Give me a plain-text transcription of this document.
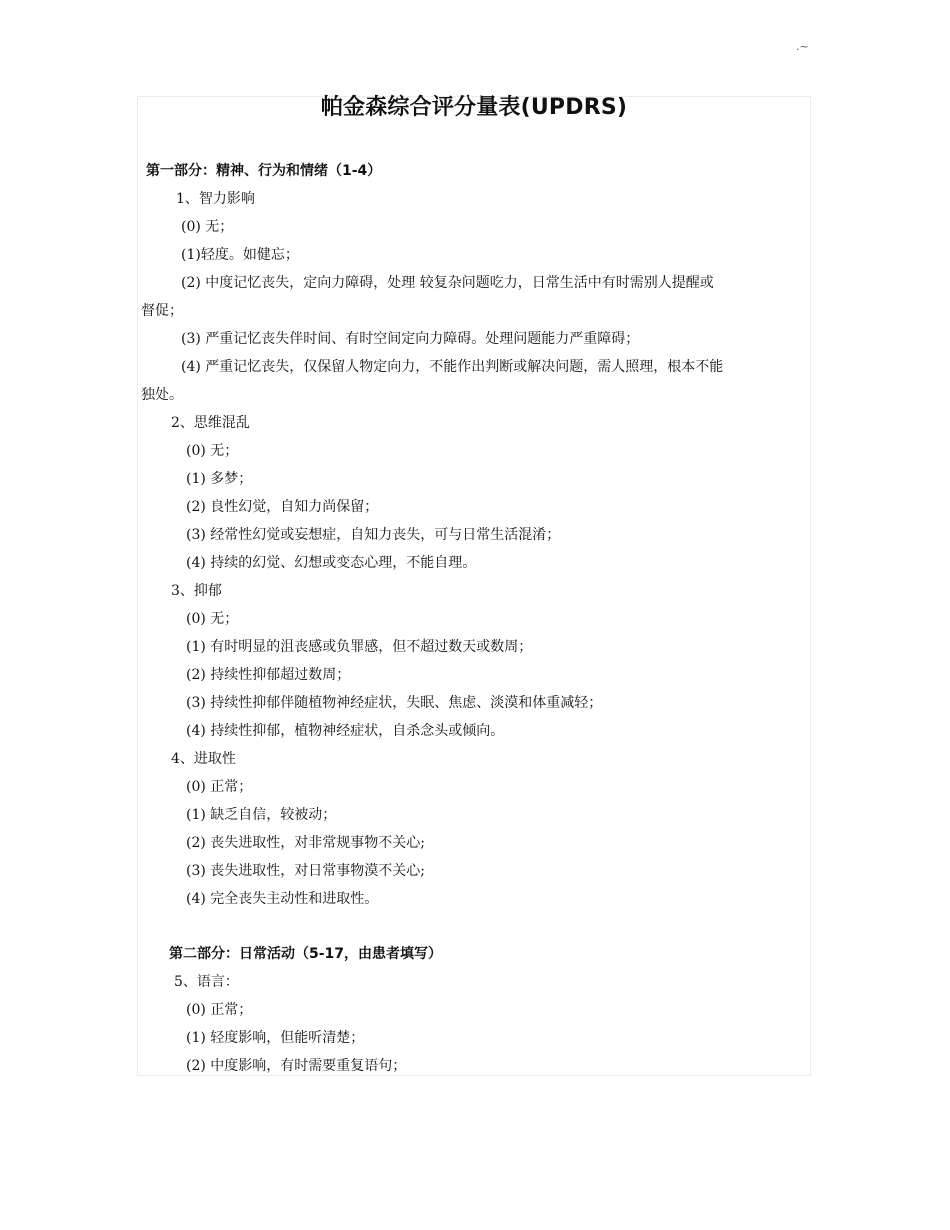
.~
帕金森综合评分量表(UPDRS)
第一部分：精神、行为和情绪（1-4）
1、智力影响
(0) 无；
(1)轻度。如健忘；
(2) 中度记忆丧失，定向力障碍，处理 较复杂问题吃力，日常生活中有时需别人提醒或
督促；
(3) 严重记忆丧失伴时间、有时空间定向力障碍。处理问题能力严重障碍；
(4) 严重记忆丧失，仅保留人物定向力，不能作出判断或解决问题，需人照理，根本不能
独处。
2、思维混乱
(0) 无；
(1) 多梦；
(2) 良性幻觉，自知力尚保留；
(3) 经常性幻觉或妄想症，自知力丧失，可与日常生活混淆；
(4) 持续的幻觉、幻想或变态心理，不能自理。
3、抑郁
(0) 无；
(1) 有时明显的沮丧感或负罪感，但不超过数天或数周；
(2) 持续性抑郁超过数周；
(3) 持续性抑郁伴随植物神经症状，失眠、焦虑、淡漠和体重减轻；
(4) 持续性抑郁，植物神经症状，自杀念头或倾向。
4、进取性
(0) 正常；
(1) 缺乏自信，较被动；
(2) 丧失进取性，对非常规事物不关心;
(3) 丧失进取性，对日常事物漠不关心;
(4) 完全丧失主动性和进取性。
第二部分：日常活动（5-17，由患者填写）
5、语言：
(0) 正常；
(1) 轻度影响，但能听清楚；
(2) 中度影响，有时需要重复语句；
